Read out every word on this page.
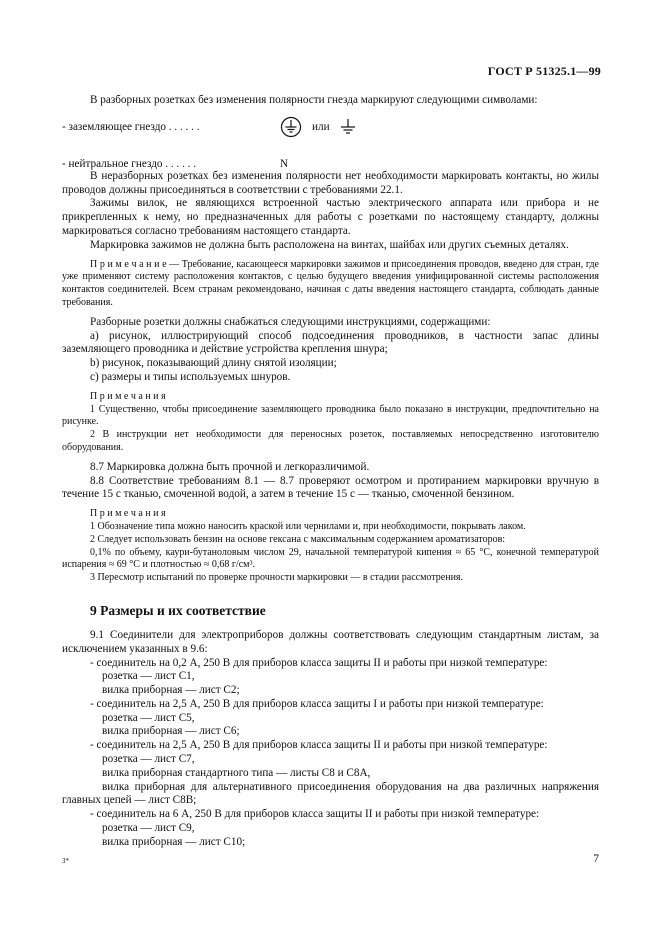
ГОСТ Р 51325.1—99

В разборных розетках без изменения полярности гнезда маркируют следующими символами:

- заземляющее гнездо . . . . . .	или
- нейтральное гнездо . . . . . .	N

В неразборных розетках без изменения полярности нет необходимости маркировать контакты, но жилы проводов должны присоединяться в соответствии с требованиями 22.1.

Зажимы вилок, не являющихся встроенной частью электрического аппарата или прибора и не прикрепленных к нему, но предназначенных для работы с розетками по настоящему стандарту, должны маркироваться согласно требованиям настоящего стандарта.

Маркировка зажимов не должна быть расположена на винтах, шайбах или других съемных деталях.

П р и м е ч а н и е — Требование, касающееся маркировки зажимов и присоединения проводов, введено для стран, где уже применяют систему расположения контактов, с целью будущего введения унифицированной системы расположения контактов соединителей. Всем странам рекомендовано, начиная с даты введения настоящего стандарта, соблюдать данные требования.

Разборные розетки должны снабжаться следующими инструкциями, содержащими:

а) рисунок, иллюстрирующий способ подсоединения проводников, в частности запас длины заземляющего проводника и действие устройства крепления шнура;

b) рисунок, показывающий длину снятой изоляции;

с) размеры и типы используемых шнуров.

П р и м е ч а н и я

1 Существенно, чтобы присоединение заземляющего проводника было показано в инструкции, предпочтительно на рисунке.

2 В инструкции нет необходимости для переносных розеток, поставляемых непосредственно изготовителю оборудования.

8.7 Маркировка должна быть прочной и легкоразличимой.

8.8 Соответствие требованиям 8.1 — 8.7 проверяют осмотром и протиранием маркировки вручную в течение 15 с тканью, смоченной водой, а затем в течение 15 с — тканью, смоченной бензином.

П р и м е ч а н и я

1 Обозначение типа можно наносить краской или чернилами и, при необходимости, покрывать лаком.

2 Следует использовать бензин на основе гексана с максимальным содержанием ароматизаторов:

0,1% по объему, каури-бутаноловым числом 29, начальной температурой кипения ≈ 65 °С, конечной температурой испарения ≈ 69 °С и плотностью ≈ 0,68 г/см³.

3 Пересмотр испытаний по проверке прочности маркировки — в стадии рассмотрения.

9 Размеры и их соответствие

9.1 Соединители для электроприборов должны соответствовать следующим стандартным листам, за исключением указанных в 9.6:

- соединитель на 0,2 А, 250 В для приборов класса защиты II и работы при низкой температуре:

розетка — лист С1,

вилка приборная — лист С2;

- соединитель на 2,5 А, 250 В для приборов класса защиты I и работы при низкой температуре:

розетка — лист С5,

вилка приборная — лист С6;

- соединитель на 2,5 А, 250 В для приборов класса защиты II и работы при низкой температуре:

розетка — лист С7,

вилка приборная стандартного типа — листы С8 и С8А,

вилка приборная для альтернативного присоединения оборудования на два различных напряжения главных цепей — лист С8В;

- соединитель на 6 А, 250 В для приборов класса защиты II и работы при низкой температуре:

розетка — лист С9,

вилка приборная — лист С10;

3*	7
